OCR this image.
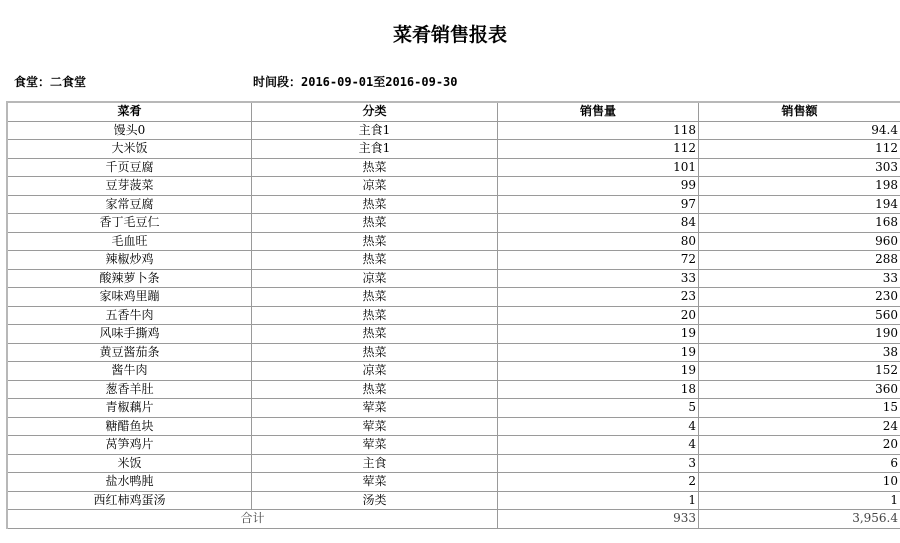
菜肴销售报表
食堂：二食堂	时间段：2016-09-01至2016-09-30
菜肴	分类	销售量	销售额
馒头0	主食1	118	94.4
大米饭	主食1	112	112
千页豆腐	热菜	101	303
豆芽菠菜	凉菜	99	198
家常豆腐	热菜	97	194
香丁毛豆仁	热菜	84	168
毛血旺	热菜	80	960
辣椒炒鸡	热菜	72	288
酸辣萝卜条	凉菜	33	33
家味鸡里蹦	热菜	23	230
五香牛肉	热菜	20	560
风味手撕鸡	热菜	19	190
黄豆酱茄条	热菜	19	38
酱牛肉	凉菜	19	152
葱香羊肚	热菜	18	360
青椒藕片	荤菜	5	15
糖醋鱼块	荤菜	4	24
莴笋鸡片	荤菜	4	20
米饭	主食	3	6
盐水鸭肫	荤菜	2	10
西红柿鸡蛋汤	汤类	1	1
合计		933	3,956.4
